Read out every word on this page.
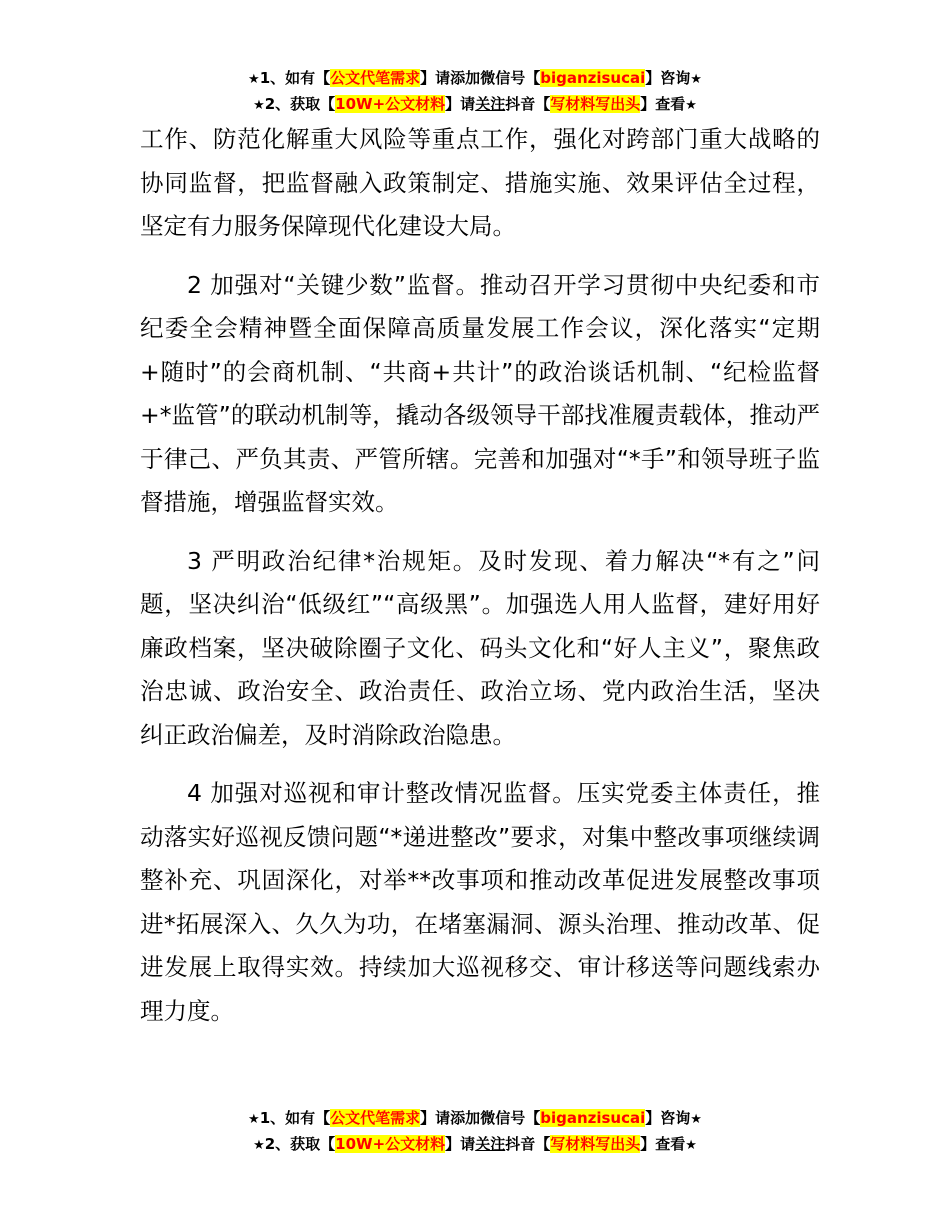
★1、如有【公文代笔需求】请添加微信号【biganzisucai】咨询★
★2、获取【10W+公文材料】请关注抖音【写材料写出头】查看★

工作、防范化解重大风险等重点工作，强化对跨部门重大战略的协同监督，把监督融入政策制定、措施实施、效果评估全过程，坚定有力服务保障现代化建设大局。

2 加强对“关键少数”监督。推动召开学习贯彻中央纪委和市纪委全会精神暨全面保障高质量发展工作会议，深化落实“定期+随时”的会商机制、“共商+共计”的政治谈话机制、“纪检监督+*监管”的联动机制等，撬动各级领导干部找准履责载体，推动严于律己、严负其责、严管所辖。完善和加强对“*手”和领导班子监督措施，增强监督实效。

3 严明政治纪律*治规矩。及时发现、着力解决“*有之”问题，坚决纠治“低级红”“高级黑”。加强选人用人监督，建好用好廉政档案，坚决破除圈子文化、码头文化和“好人主义”，聚焦政治忠诚、政治安全、政治责任、政治立场、党内政治生活，坚决纠正政治偏差，及时消除政治隐患。

4 加强对巡视和审计整改情况监督。压实党委主体责任，推动落实好巡视反馈问题“*递进整改”要求，对集中整改事项继续调整补充、巩固深化，对举**改事项和推动改革促进发展整改事项进*拓展深入、久久为功，在堵塞漏洞、源头治理、推动改革、促进发展上取得实效。持续加大巡视移交、审计移送等问题线索办理力度。

★1、如有【公文代笔需求】请添加微信号【biganzisucai】咨询★
★2、获取【10W+公文材料】请关注抖音【写材料写出头】查看★
